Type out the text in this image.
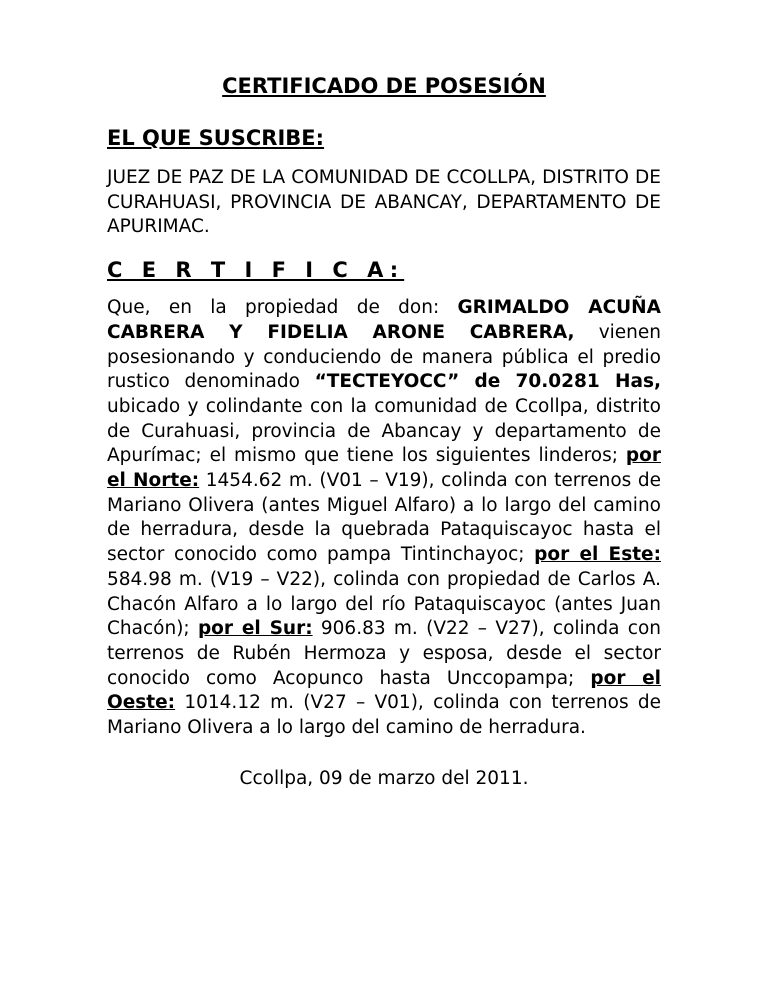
CERTIFICADO DE POSESIÓN
EL QUE SUSCRIBE:

JUEZ DE PAZ DE LA COMUNIDAD DE CCOLLPA, DISTRITO DE CURAHUASI, PROVINCIA DE ABANCAY, DEPARTAMENTO DE APURIMAC.

C E R T I F I C A:

Que, en la propiedad de don: GRIMALDO ACUÑA CABRERA Y FIDELIA ARONE CABRERA, vienen posesionando y conduciendo de manera pública el predio rustico denominado “TECTEYOCC” de 70.0281 Has, ubicado y colindante con la comunidad de Ccollpa, distrito de Curahuasi, provincia de Abancay y departamento de Apurímac; el mismo que tiene los siguientes linderos; por el Norte: 1454.62 m. (V01 – V19), colinda con terrenos de Mariano Olivera (antes Miguel Alfaro) a lo largo del camino de herradura, desde la quebrada Pataquiscayoc hasta el sector conocido como pampa Tintinchayoc; por el Este: 584.98 m. (V19 – V22), colinda con propiedad de Carlos A. Chacón Alfaro a lo largo del río Pataquiscayoc (antes Juan Chacón); por el Sur: 906.83 m. (V22 – V27), colinda con terrenos de Rubén Hermoza y esposa, desde el sector conocido como Acopunco hasta Unccopampa; por el Oeste: 1014.12 m. (V27 – V01), colinda con terrenos de Mariano Olivera a lo largo del camino de herradura.

Ccollpa, 09 de marzo del 2011.
